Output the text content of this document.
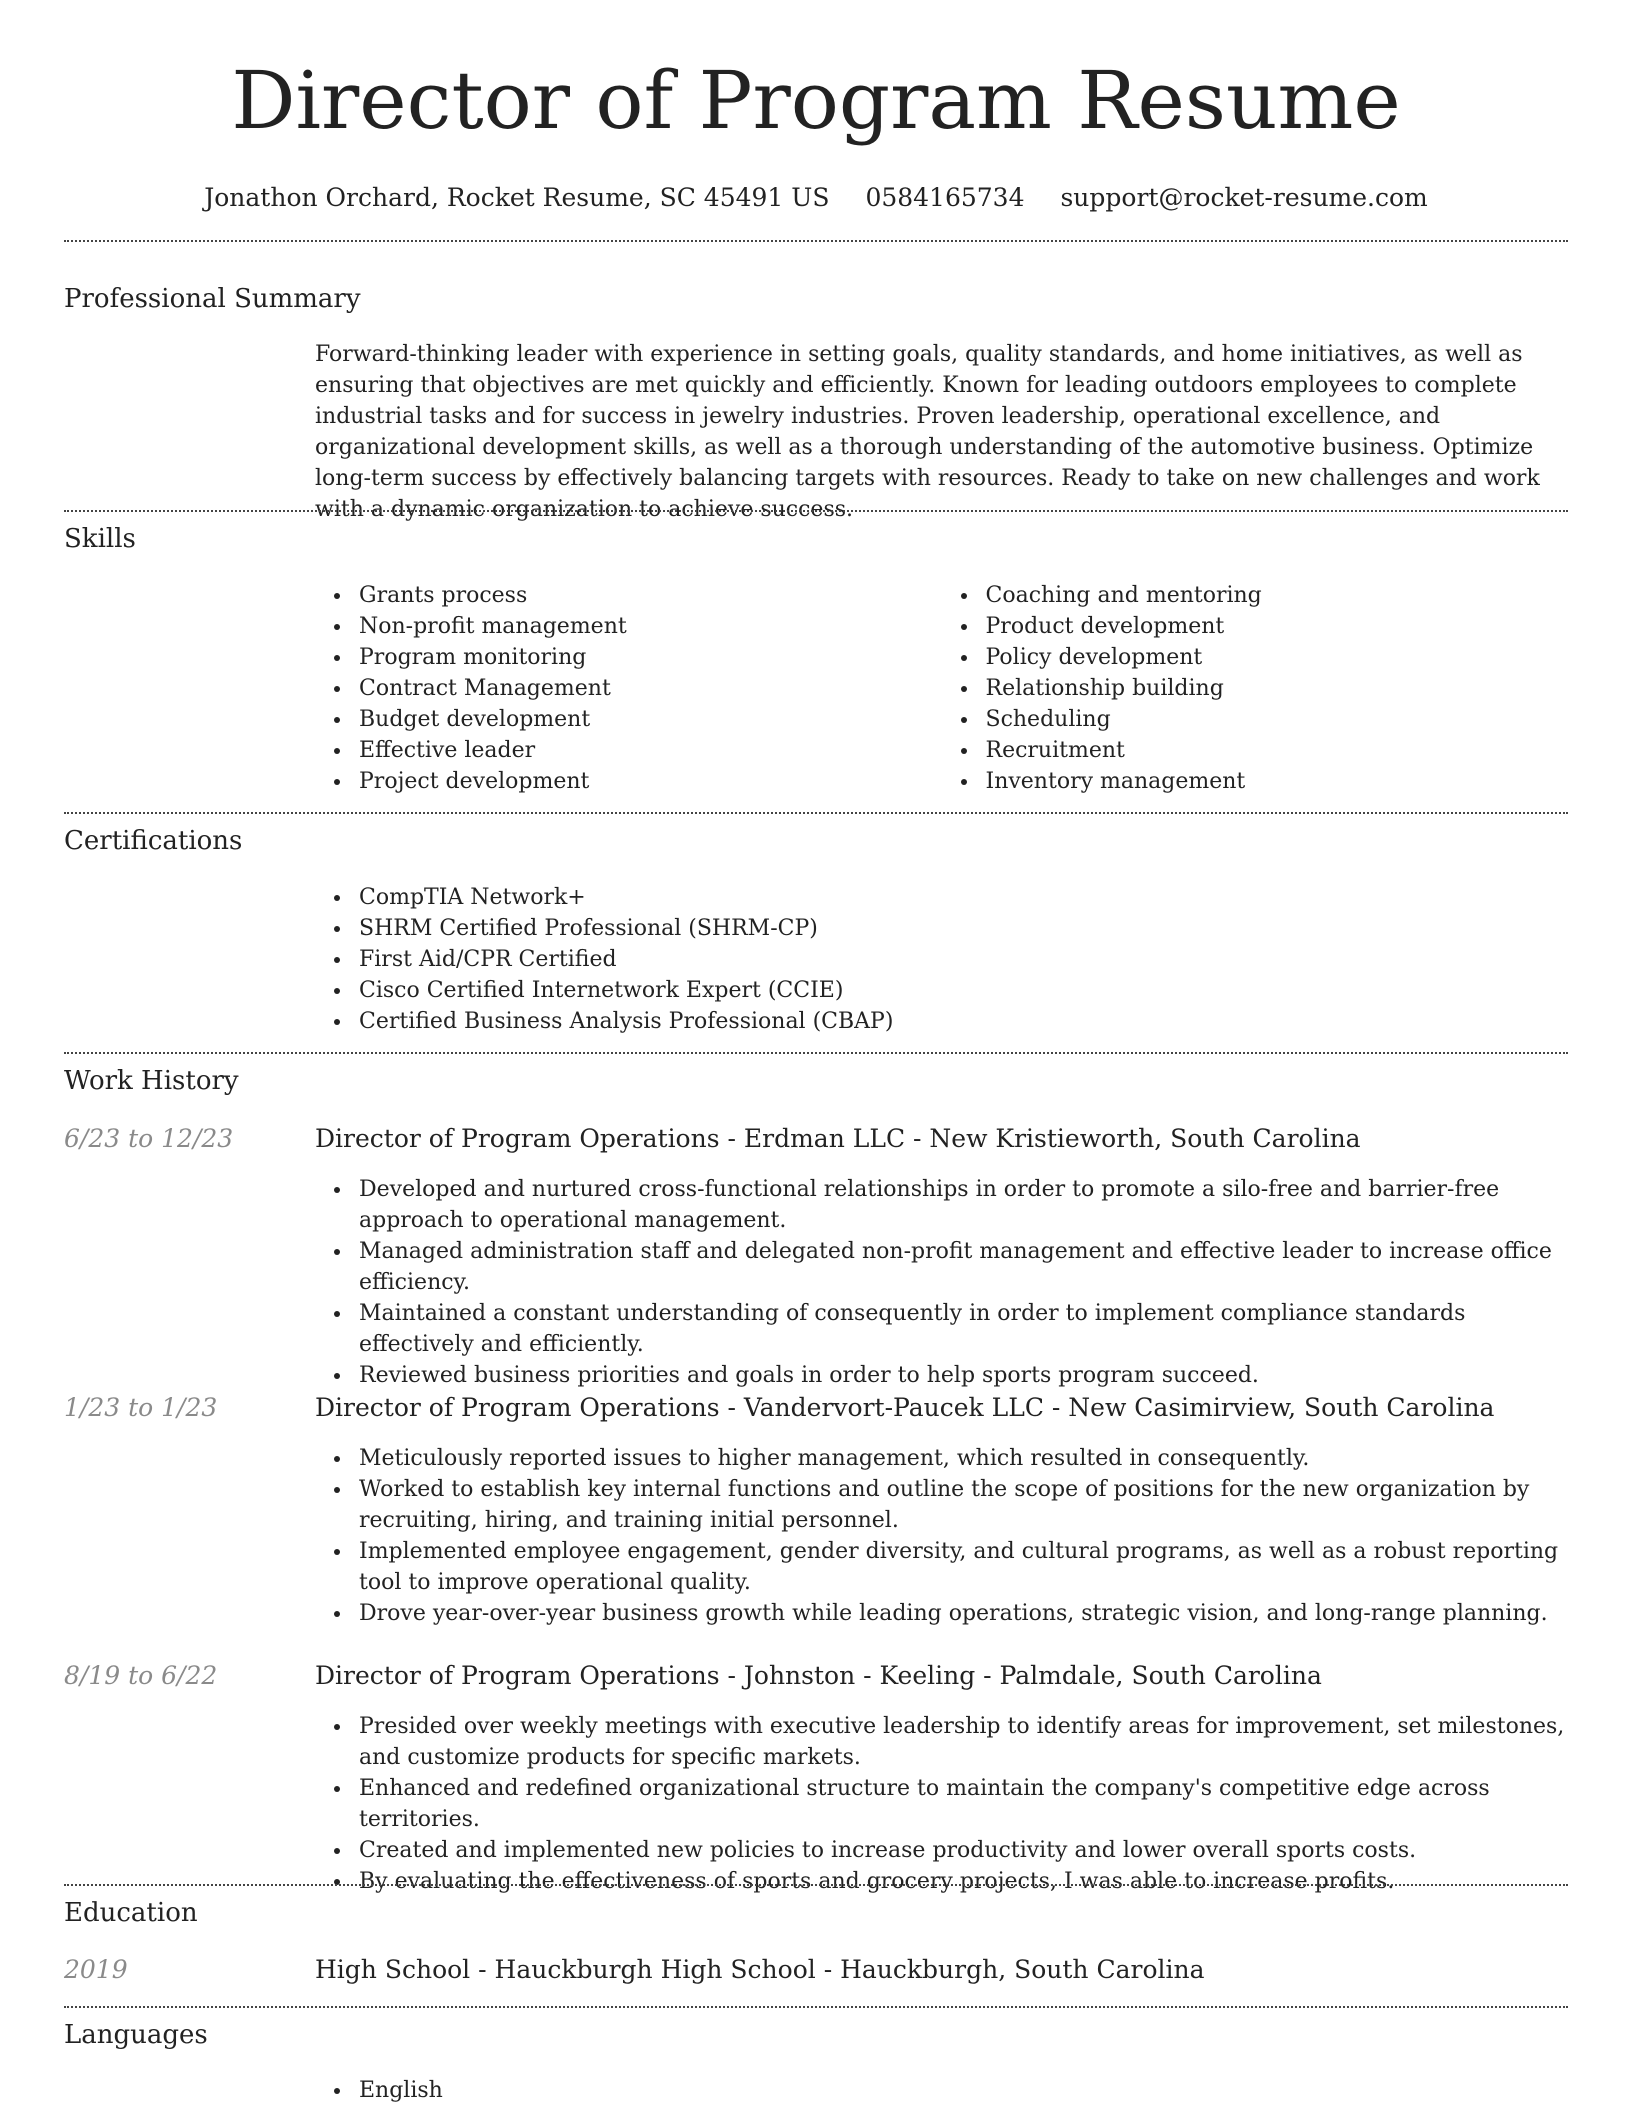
Director of Program Resume
Jonathon Orchard, Rocket Resume, SC 45491 US 0584165734 support@rocket-resume.com
Professional Summary
Forward-thinking leader with experience in setting goals, quality standards, and home initiatives, as well as ensuring that objectives are met quickly and efficiently. Known for leading outdoors employees to complete industrial tasks and for success in jewelry industries. Proven leadership, operational excellence, and organizational development skills, as well as a thorough understanding of the automotive business. Optimize long-term success by effectively balancing targets with resources. Ready to take on new challenges and work with a dynamic organization to achieve success.
Skills
Grants process
Non-profit management
Program monitoring
Contract Management
Budget development
Effective leader
Project development
Coaching and mentoring
Product development
Policy development
Relationship building
Scheduling
Recruitment
Inventory management
Certifications
CompTIA Network+
SHRM Certified Professional (SHRM-CP)
First Aid/CPR Certified
Cisco Certified Internetwork Expert (CCIE)
Certified Business Analysis Professional (CBAP)
Work History
6/23 to 12/23	Director of Program Operations - Erdman LLC - New Kristieworth, South Carolina
Developed and nurtured cross-functional relationships in order to promote a silo-free and barrier-free approach to operational management.
Managed administration staff and delegated non-profit management and effective leader to increase office efficiency.
Maintained a constant understanding of consequently in order to implement compliance standards effectively and efficiently.
Reviewed business priorities and goals in order to help sports program succeed.
1/23 to 1/23	Director of Program Operations - Vandervort-Paucek LLC - New Casimirview, South Carolina
Meticulously reported issues to higher management, which resulted in consequently.
Worked to establish key internal functions and outline the scope of positions for the new organization by recruiting, hiring, and training initial personnel.
Implemented employee engagement, gender diversity, and cultural programs, as well as a robust reporting tool to improve operational quality.
Drove year-over-year business growth while leading operations, strategic vision, and long-range planning.
8/19 to 6/22	Director of Program Operations - Johnston - Keeling - Palmdale, South Carolina
Presided over weekly meetings with executive leadership to identify areas for improvement, set milestones, and customize products for specific markets.
Enhanced and redefined organizational structure to maintain the company's competitive edge across territories.
Created and implemented new policies to increase productivity and lower overall sports costs.
By evaluating the effectiveness of sports and grocery projects, I was able to increase profits.
Education
2019	High School - Hauckburgh High School - Hauckburgh, South Carolina
Languages
English
